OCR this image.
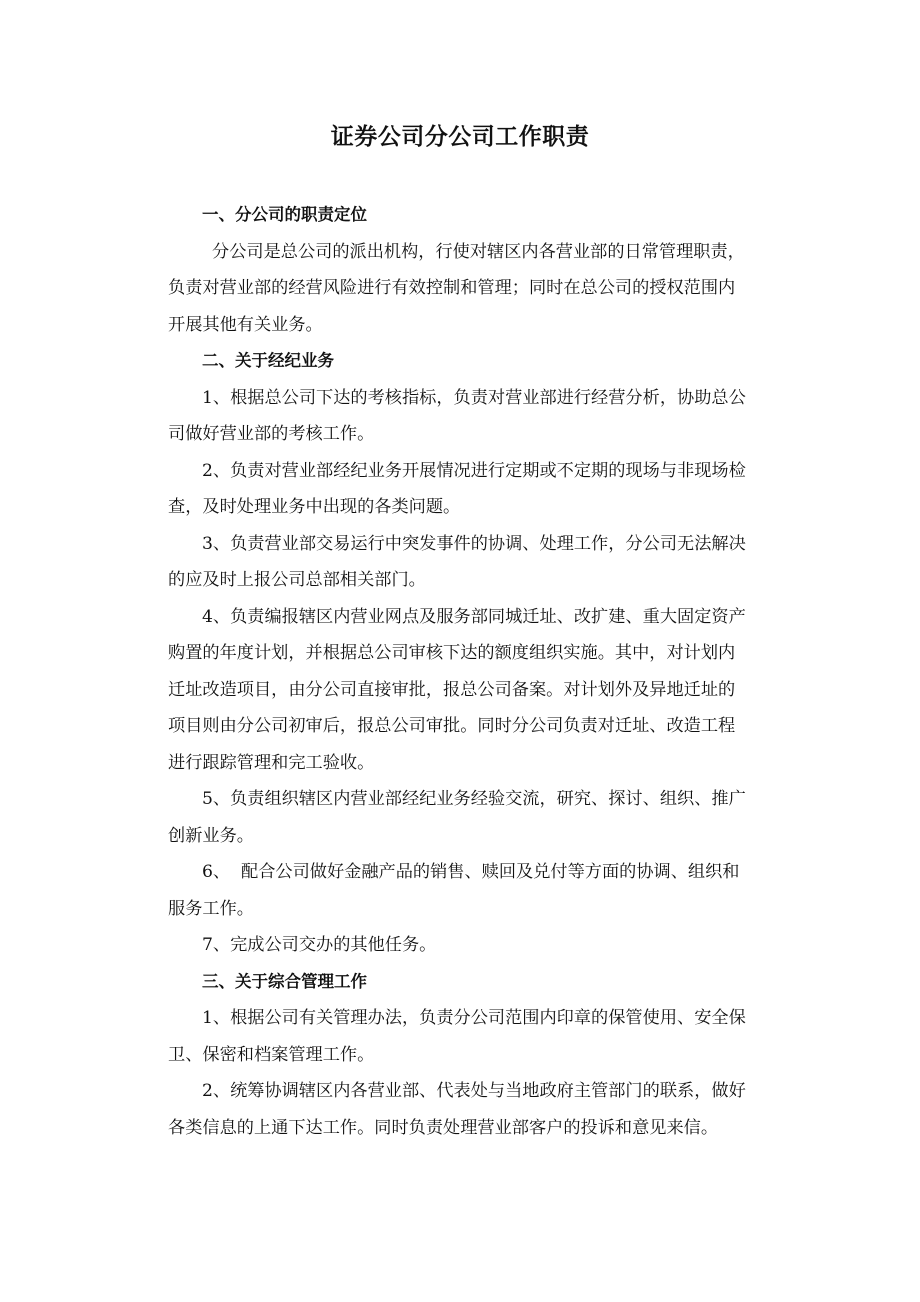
证券公司分公司工作职责

一、分公司的职责定位

分公司是总公司的派出机构，行使对辖区内各营业部的日常管理职责，负责对营业部的经营风险进行有效控制和管理；同时在总公司的授权范围内开展其他有关业务。

二、关于经纪业务

1、根据总公司下达的考核指标，负责对营业部进行经营分析，协助总公司做好营业部的考核工作。

2、负责对营业部经纪业务开展情况进行定期或不定期的现场与非现场检查，及时处理业务中出现的各类问题。

3、负责营业部交易运行中突发事件的协调、处理工作，分公司无法解决的应及时上报公司总部相关部门。

4、负责编报辖区内营业网点及服务部同城迁址、改扩建、重大固定资产购置的年度计划，并根据总公司审核下达的额度组织实施。其中，对计划内迁址改造项目，由分公司直接审批，报总公司备案。对计划外及异地迁址的项目则由分公司初审后，报总公司审批。同时分公司负责对迁址、改造工程进行跟踪管理和完工验收。

5、负责组织辖区内营业部经纪业务经验交流，研究、探讨、组织、推广创新业务。

6、  配合公司做好金融产品的销售、赎回及兑付等方面的协调、组织和服务工作。

7、完成公司交办的其他任务。

三、关于综合管理工作

1、根据公司有关管理办法，负责分公司范围内印章的保管使用、安全保卫、保密和档案管理工作。

2、统筹协调辖区内各营业部、代表处与当地政府主管部门的联系，做好各类信息的上通下达工作。同时负责处理营业部客户的投诉和意见来信。
